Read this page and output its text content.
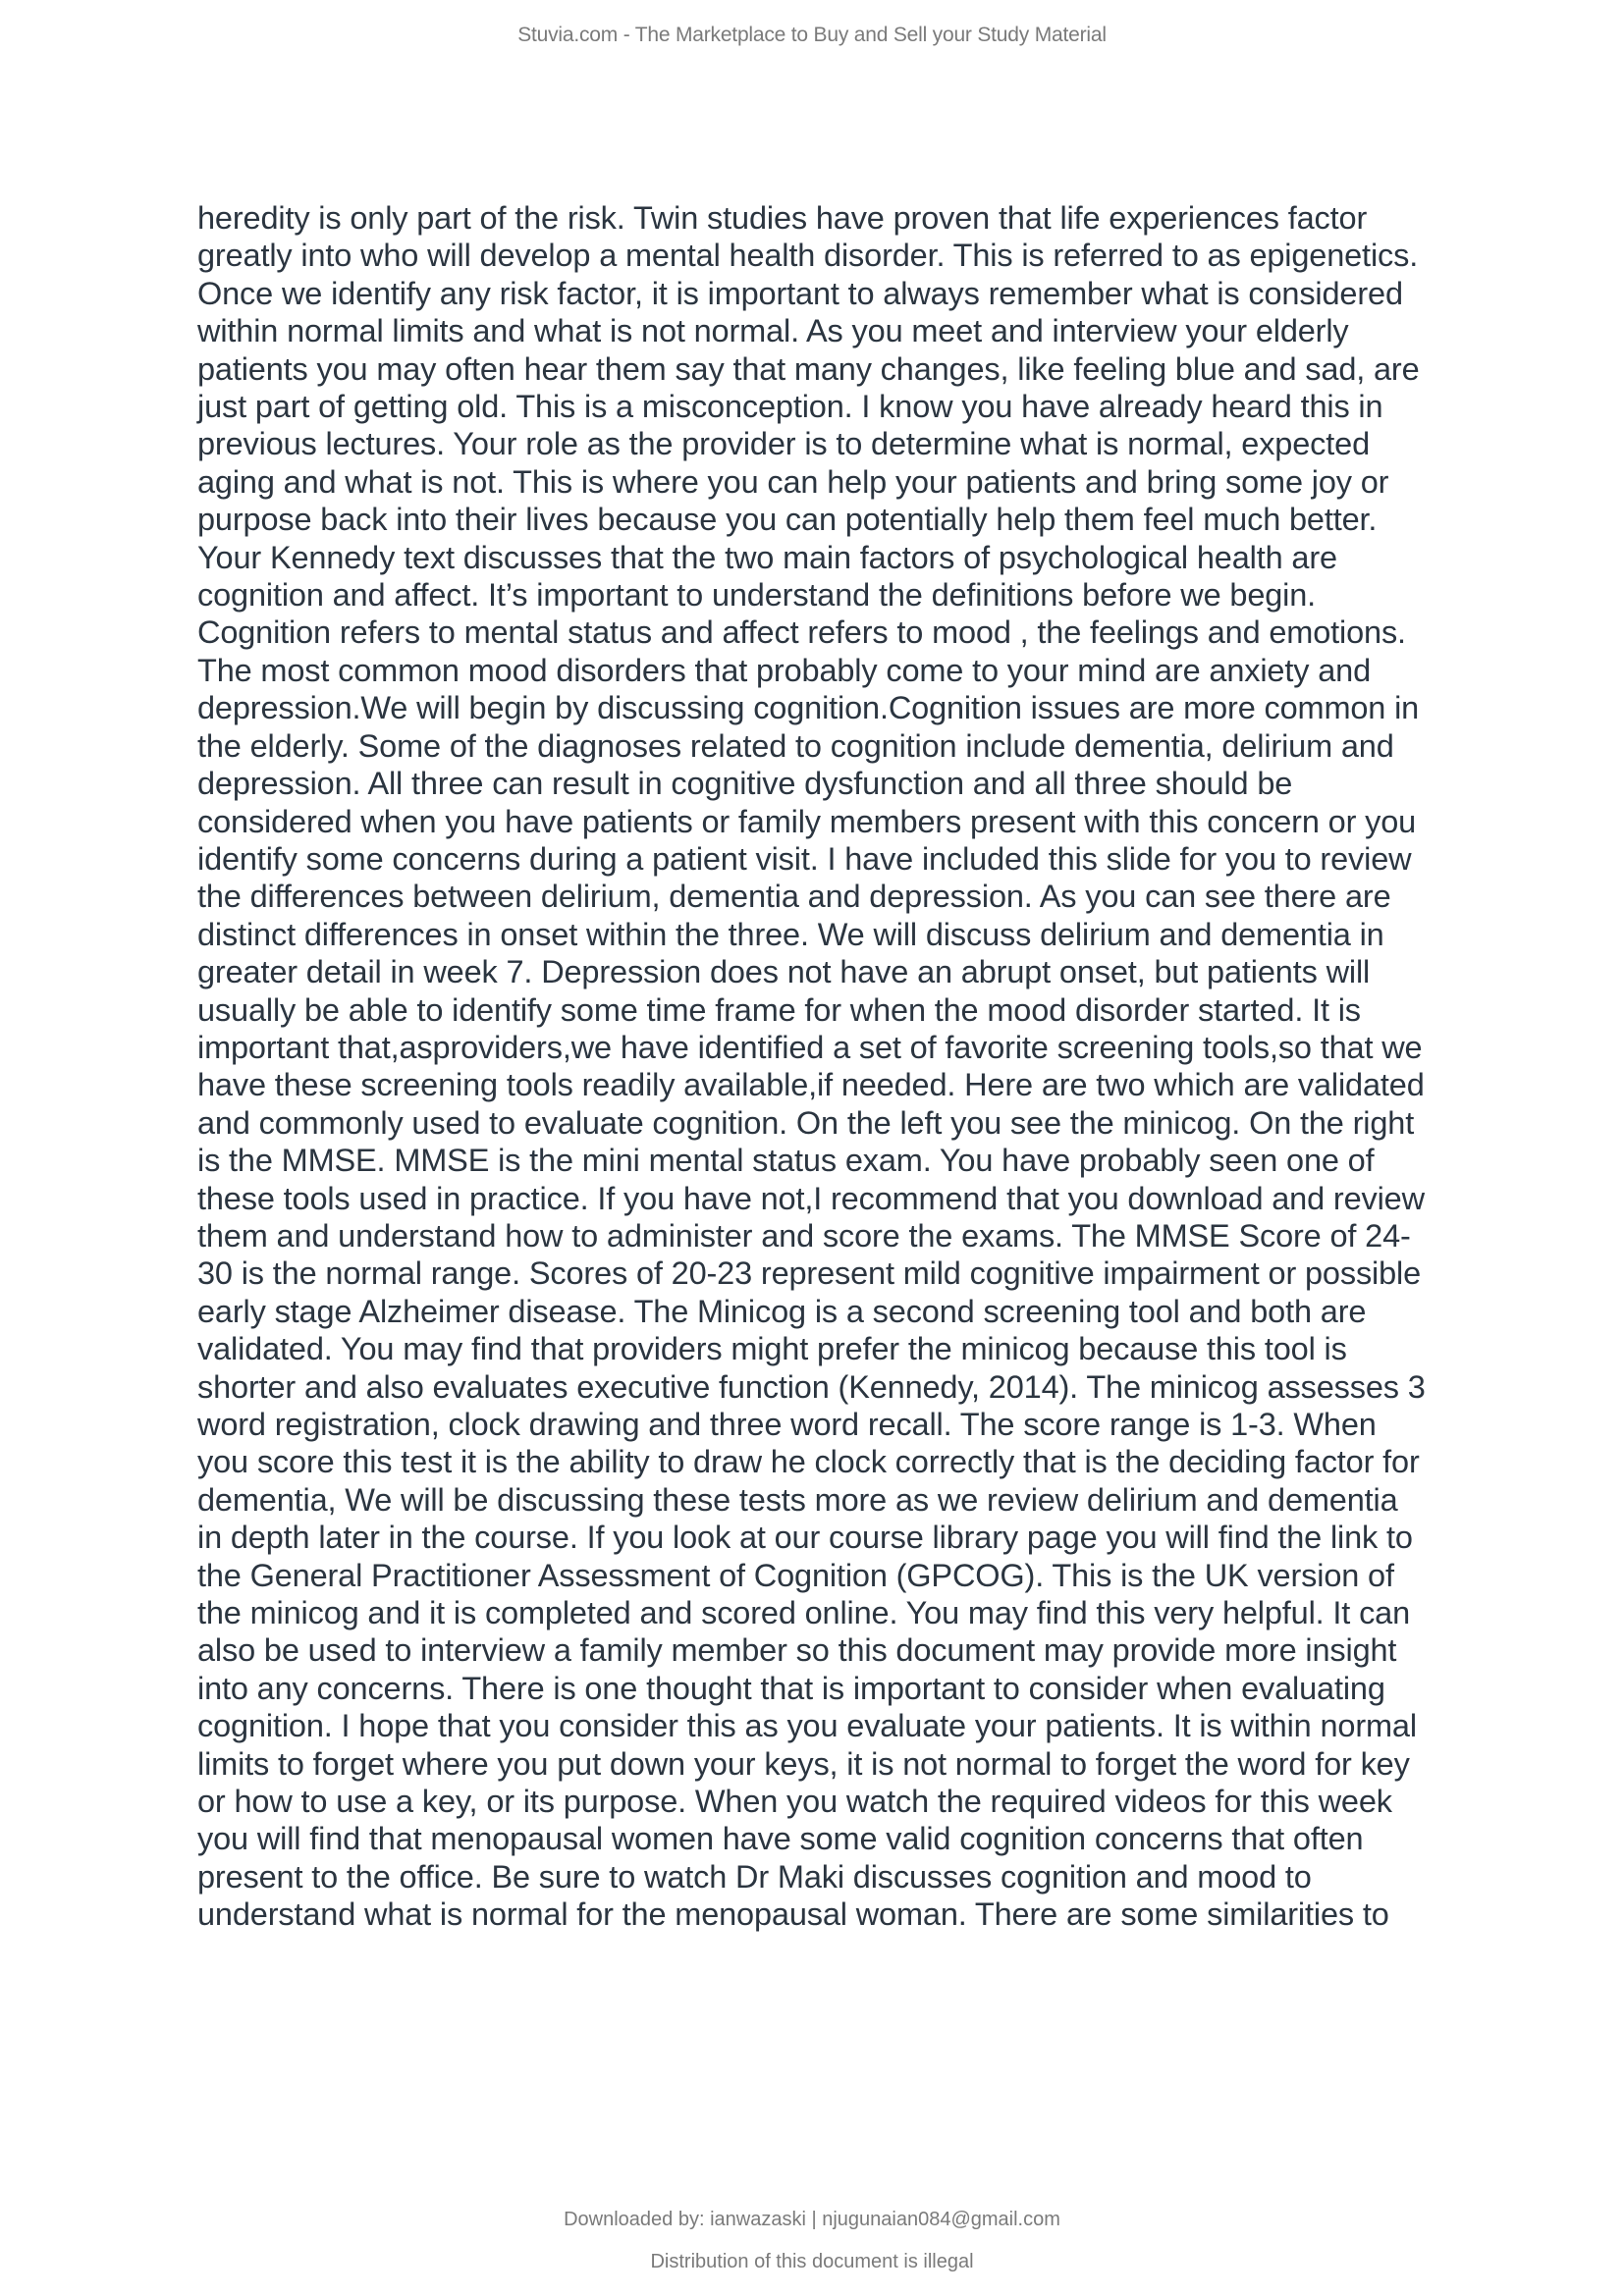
Stuvia.com - The Marketplace to Buy and Sell your Study Material
heredity is only part of the risk. Twin studies have proven that life experiences factor
greatly into who will develop a mental health disorder. This is referred to as epigenetics.
Once we identify any risk factor, it is important to always remember what is considered
within normal limits and what is not normal. As you meet and interview your elderly
patients you may often hear them say that many changes, like feeling blue and sad, are
just part of getting old. This is a misconception. I know you have already heard this in
previous lectures. Your role as the provider is to determine what is normal, expected
aging and what is not. This is where you can help your patients and bring some joy or
purpose back into their lives because you can potentially help them feel much better.
Your Kennedy text discusses that the two main factors of psychological health are
cognition and affect. It’s important to understand the definitions before we begin.
Cognition refers to mental status and affect refers to mood , the feelings and emotions.
The most common mood disorders that probably come to your mind are anxiety and
depression.We will begin by discussing cognition.Cognition issues are more common in
the elderly. Some of the diagnoses related to cognition include dementia, delirium and
depression. All three can result in cognitive dysfunction and all three should be
considered when you have patients or family members present with this concern or you
identify some concerns during a patient visit. I have included this slide for you to review
the differences between delirium, dementia and depression. As you can see there are
distinct differences in onset within the three. We will discuss delirium and dementia in
greater detail in week 7. Depression does not have an abrupt onset, but patients will
usually be able to identify some time frame for when the mood disorder started. It is
important that,asproviders,we have identified a set of favorite screening tools,so that we
have these screening tools readily available,if needed. Here are two which are validated
and commonly used to evaluate cognition. On the left you see the minicog. On the right
is the MMSE. MMSE is the mini mental status exam. You have probably seen one of
these tools used in practice. If you have not,I recommend that you download and review
them and understand how to administer and score the exams. The MMSE Score of 24-
30 is the normal range. Scores of 20-23 represent mild cognitive impairment or possible
early stage Alzheimer disease. The Minicog is a second screening tool and both are
validated. You may find that providers might prefer the minicog because this tool is
shorter and also evaluates executive function (Kennedy, 2014). The minicog assesses 3
word registration, clock drawing and three word recall. The score range is 1-3. When
you score this test it is the ability to draw he clock correctly that is the deciding factor for
dementia, We will be discussing these tests more as we review delirium and dementia
in depth later in the course. If you look at our course library page you will find the link to
the General Practitioner Assessment of Cognition (GPCOG). This is the UK version of
the minicog and it is completed and scored online. You may find this very helpful. It can
also be used to interview a family member so this document may provide more insight
into any concerns. There is one thought that is important to consider when evaluating
cognition. I hope that you consider this as you evaluate your patients. It is within normal
limits to forget where you put down your keys, it is not normal to forget the word for key
or how to use a key, or its purpose. When you watch the required videos for this week
you will find that menopausal women have some valid cognition concerns that often
present to the office. Be sure to watch Dr Maki discusses cognition and mood to
understand what is normal for the menopausal woman. There are some similarities to
Downloaded by: ianwazaski | njugunaian084@gmail.com
Distribution of this document is illegal
